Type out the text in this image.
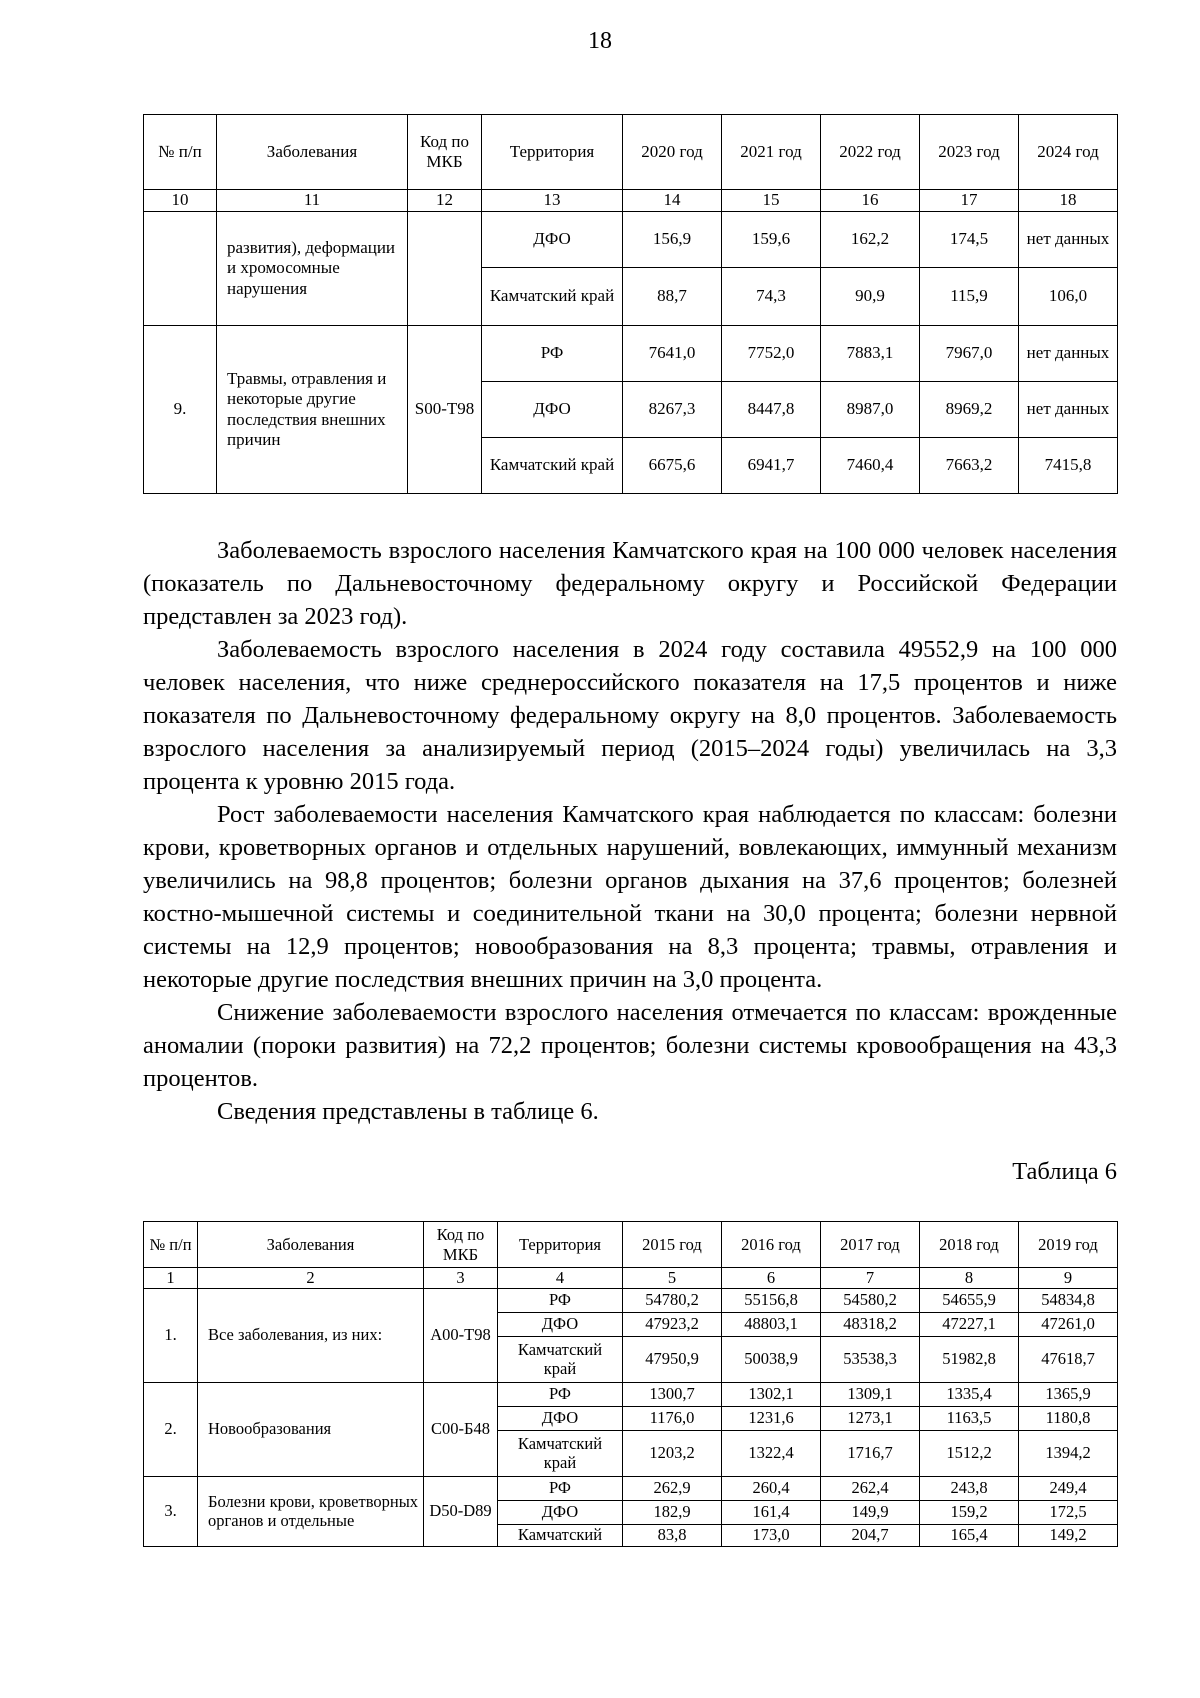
18
№ п/п	Заболевания	Код по МКБ	Территория	2020 год	2021 год	2022 год	2023 год	2024 год
10	11	12	13	14	15	16	17	18
	развития), деформации и хромосомные нарушения		ДФО	156,9	159,6	162,2	174,5	нет данных
			Камчатский край	88,7	74,3	90,9	115,9	106,0
9.	Травмы, отравления и некоторые другие последствия внешних причин	S00-T98	РФ	7641,0	7752,0	7883,1	7967,0	нет данных
			ДФО	8267,3	8447,8	8987,0	8969,2	нет данных
			Камчатский край	6675,6	6941,7	7460,4	7663,2	7415,8

Заболеваемость взрослого населения Камчатского края на 100 000 человек населения (показатель по Дальневосточному федеральному округу и Российской Федерации представлен за 2023 год).

Заболеваемость взрослого населения в 2024 году составила 49552,9 на 100 000 человек населения, что ниже среднероссийского показателя на 17,5 процентов и ниже показателя по Дальневосточному федеральному округу на 8,0 процентов. Заболеваемость взрослого населения за анализируемый период (2015–2024 годы) увеличилась на 3,3 процента к уровню 2015 года.

Рост заболеваемости населения Камчатского края наблюдается по классам: болезни крови, кроветворных органов и отдельных нарушений, вовлекающих, иммунный механизм увеличились на 98,8 процентов; болезни органов дыхания на 37,6 процентов; болезней костно-мышечной системы и соединительной ткани на 30,0 процента; болезни нервной системы на 12,9 процентов; новообразования на 8,3 процента; травмы, отравления и некоторые другие последствия внешних причин на 3,0 процента.

Снижение заболеваемости взрослого населения отмечается по классам: врожденные аномалии (пороки развития) на 72,2 процентов; болезни системы кровообращения на 43,3 процентов.

Сведения представлены в таблице 6.

Таблица 6
№ п/п	Заболевания	Код по МКБ	Территория	2015 год	2016 год	2017 год	2018 год	2019 год
1	2	3	4	5	6	7	8	9
1.	Все заболевания, из них:	A00-T98	РФ	54780,2	55156,8	54580,2	54655,9	54834,8
			ДФО	47923,2	48803,1	48318,2	47227,1	47261,0
			Камчатский край	47950,9	50038,9	53538,3	51982,8	47618,7
2.	Новообразования	C00-Б48	РФ	1300,7	1302,1	1309,1	1335,4	1365,9
			ДФО	1176,0	1231,6	1273,1	1163,5	1180,8
			Камчатский край	1203,2	1322,4	1716,7	1512,2	1394,2
3.	Болезни крови, кроветворных органов и отдельные	D50-D89	РФ	262,9	260,4	262,4	243,8	249,4
			ДФО	182,9	161,4	149,9	159,2	172,5
			Камчатский	83,8	173,0	204,7	165,4	149,2
